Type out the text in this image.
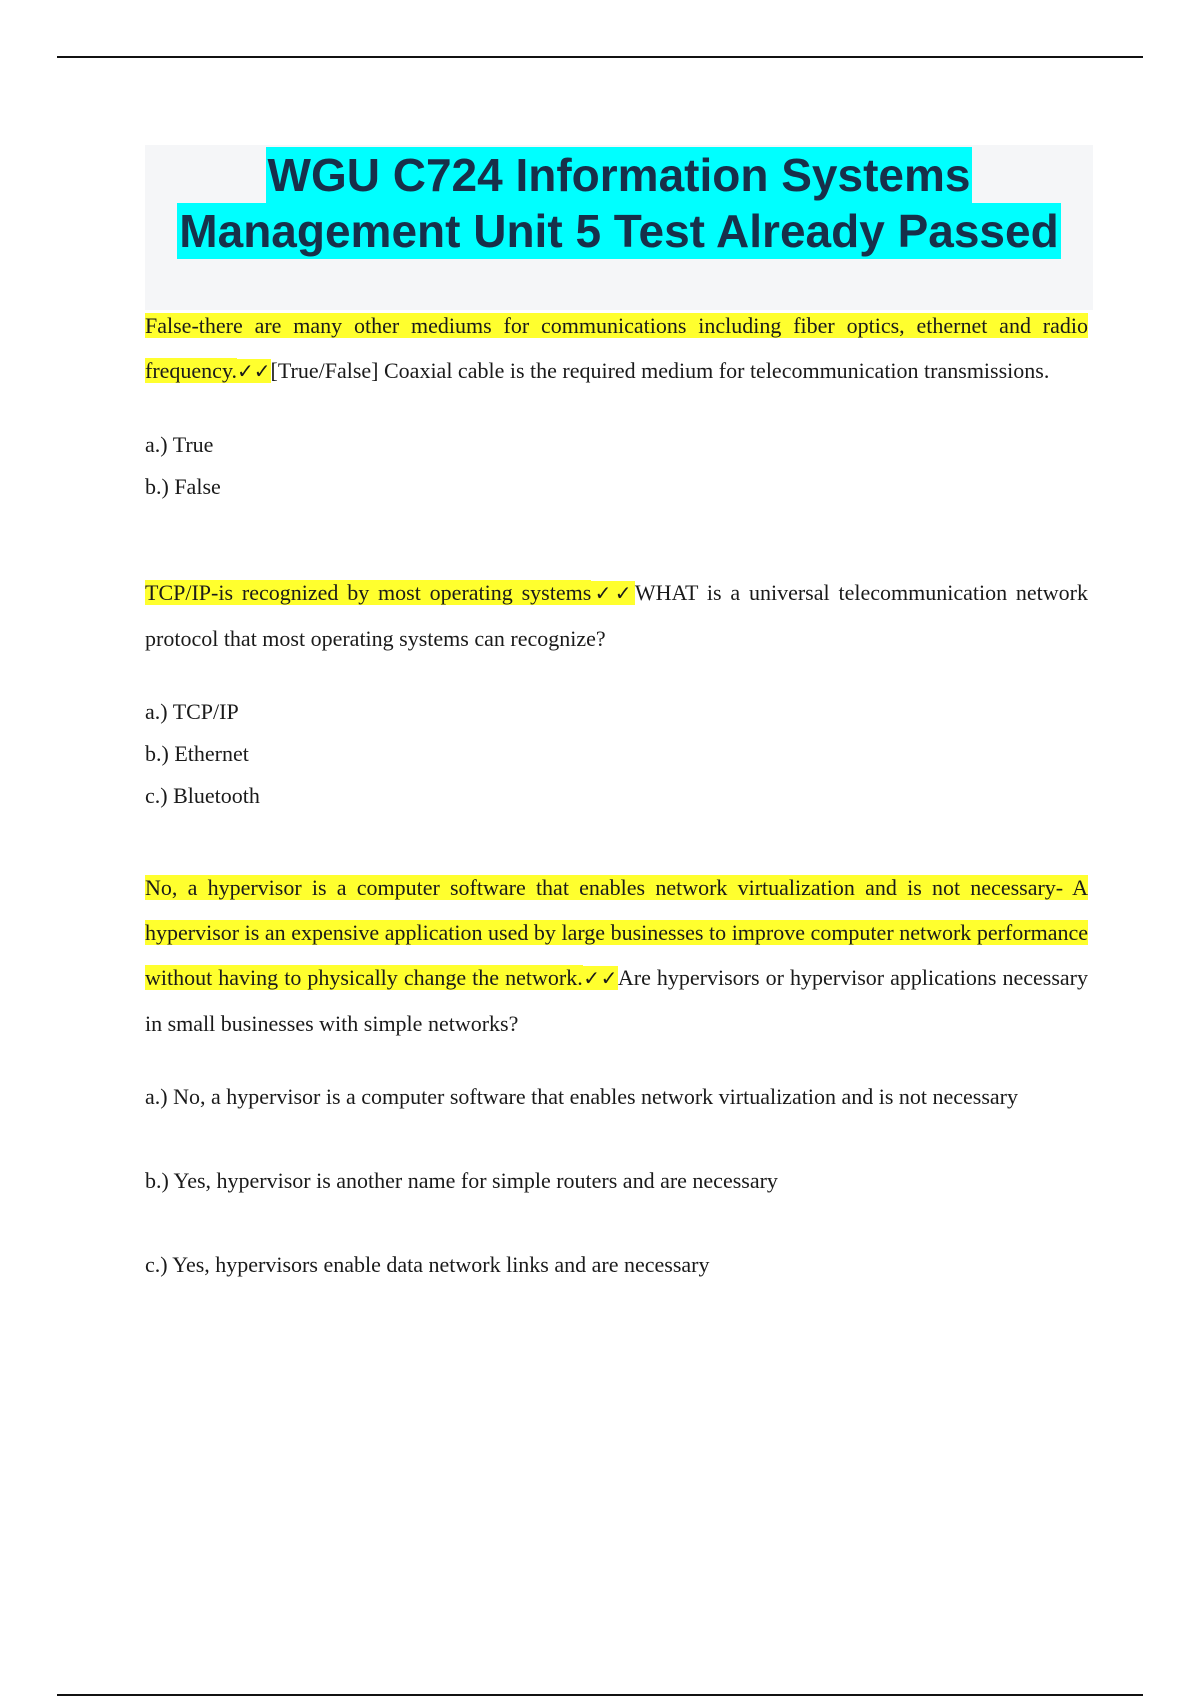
WGU C724 Information Systems
Management Unit 5 Test Already Passed

False-there are many other mediums for communications including fiber optics, ethernet and radio frequency.✓✓[True/False] Coaxial cable is the required medium for telecommunication transmissions.

a.) True
b.) False

TCP/IP-is recognized by most operating systems✓✓WHAT is a universal telecommunication network protocol that most operating systems can recognize?

a.) TCP/IP
b.) Ethernet
c.) Bluetooth

No, a hypervisor is a computer software that enables network virtualization and is not necessary- A hypervisor is an expensive application used by large businesses to improve computer network performance without having to physically change the network.✓✓Are hypervisors or hypervisor applications necessary in small businesses with simple networks?

a.) No, a hypervisor is a computer software that enables network virtualization and is not necessary
b.) Yes, hypervisor is another name for simple routers and are necessary
c.) Yes, hypervisors enable data network links and are necessary
